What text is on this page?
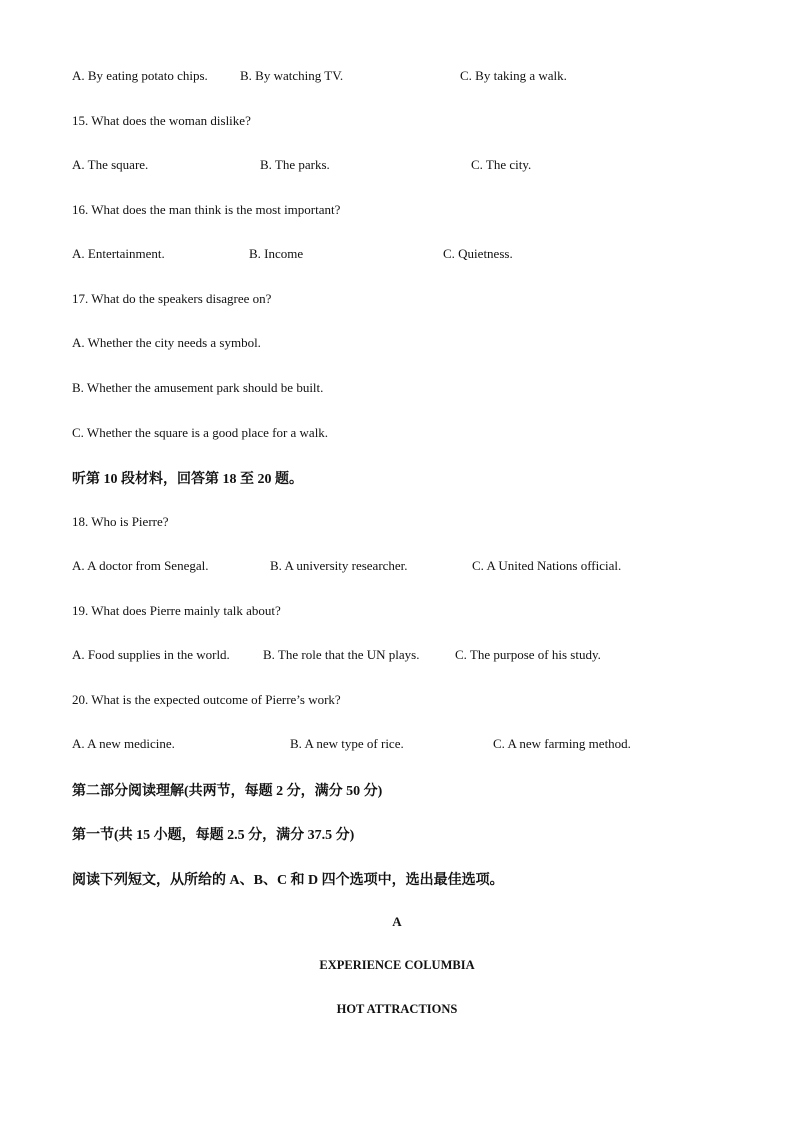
A. By eating potato chips. B. By watching TV.	C. By taking a walk.
15. What does the woman dislike?
A. The square.	B. The parks.	C. The city.
16. What does the man think is the most important?
A. Entertainment.	B. Income	C. Quietness.
17. What do the speakers disagree on?
A. Whether the city needs a symbol.
B. Whether the amusement park should be built.
C. Whether the square is a good place for a walk.
听第 10 段材料，回答第 18 至 20 题。
18. Who is Pierre?
A. A doctor from Senegal.	B. A university researcher.	C. A United Nations official.
19. What does Pierre mainly talk about?
A. Food supplies in the world.	B. The role that the UN plays.	C. The purpose of his study.
20. What is the expected outcome of Pierre’s work?
A. A new medicine.	B. A new type of rice.	C. A new farming method.
第二部分阅读理解(共两节，每题 2 分，满分 50 分)
第一节(共 15 小题，每题 2.5 分，满分 37.5 分)
阅读下列短文，从所给的 A、B、C 和 D 四个选项中，选出最佳选项。
A
EXPERIENCE COLUMBIA
HOT ATTRACTIONS
